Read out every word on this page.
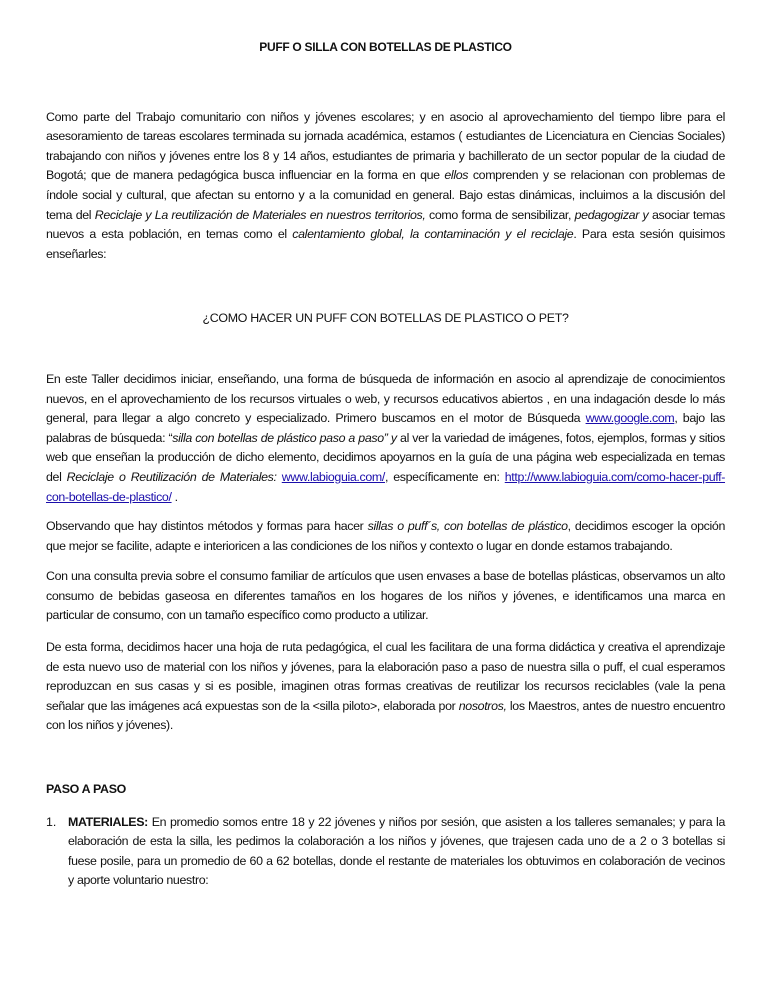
PUFF O SILLA CON BOTELLAS DE PLASTICO

Como parte del Trabajo comunitario con niños y jóvenes escolares; y en asocio al aprovechamiento del tiempo libre para el asesoramiento de tareas escolares terminada su jornada académica, estamos ( estudiantes de Licenciatura en Ciencias Sociales) trabajando con niños y jóvenes entre los 8 y 14 años, estudiantes de primaria y bachillerato de un sector popular de la ciudad de Bogotá; que de manera pedagógica busca influenciar en la forma en que ellos comprenden y se relacionan con problemas de índole social y cultural, que afectan su entorno y a la comunidad en general. Bajo estas dinámicas, incluimos a la discusión del tema del Reciclaje y La reutilización de Materiales en nuestros territorios, como forma de sensibilizar, pedagogizar y asociar temas nuevos a esta población, en temas como el calentamiento global, la contaminación y el reciclaje. Para esta sesión quisimos enseñarles:

¿COMO HACER UN PUFF CON BOTELLAS DE PLASTICO O PET?

En este Taller decidimos iniciar, enseñando, una forma de búsqueda de información en asocio al aprendizaje de conocimientos nuevos, en el aprovechamiento de los recursos virtuales o web, y recursos educativos abiertos , en una indagación desde lo más general, para llegar a algo concreto y especializado. Primero buscamos en el motor de Búsqueda www.google.com, bajo las palabras de búsqueda: “silla con botellas de plástico paso a paso” y al ver la variedad de imágenes, fotos, ejemplos, formas y sitios web que enseñan la producción de dicho elemento, decidimos apoyarnos en la guía de una página web especializada en temas del Reciclaje o Reutilización de Materiales: www.labioguia.com/, específicamente en: http://www.labioguia.com/como-hacer-puff-con-botellas-de-plastico/ .

Observando que hay distintos métodos y formas para hacer sillas o puff´s, con botellas de plástico, decidimos escoger la opción que mejor se facilite, adapte e interioricen a las condiciones de los niños y contexto o lugar en donde estamos trabajando.

Con una consulta previa sobre el consumo familiar de artículos que usen envases a base de botellas plásticas, observamos un alto consumo de bebidas gaseosa en diferentes tamaños en los hogares de los niños y jóvenes, e identificamos una marca en particular de consumo, con un tamaño específico como producto a utilizar.

De esta forma, decidimos hacer una hoja de ruta pedagógica, el cual les facilitara de una forma didáctica y creativa el aprendizaje de esta nuevo uso de material con los niños y jóvenes, para la elaboración paso a paso de nuestra silla o puff, el cual esperamos reproduzcan en sus casas y si es posible, imaginen otras formas creativas de reutilizar los recursos reciclables (vale la pena señalar que las imágenes acá expuestas son de la <silla piloto>, elaborada por nosotros, los Maestros, antes de nuestro encuentro con los niños y jóvenes).

PASO A PASO
1. MATERIALES: En promedio somos entre 18 y 22 jóvenes y niños por sesión, que asisten a los talleres semanales; y para la elaboración de esta la silla, les pedimos la colaboración a los niños y jóvenes, que trajesen cada uno de a 2 o 3 botellas si fuese posile, para un promedio de 60 a 62 botellas, donde el restante de materiales los obtuvimos en colaboración de vecinos y aporte voluntario nuestro:
